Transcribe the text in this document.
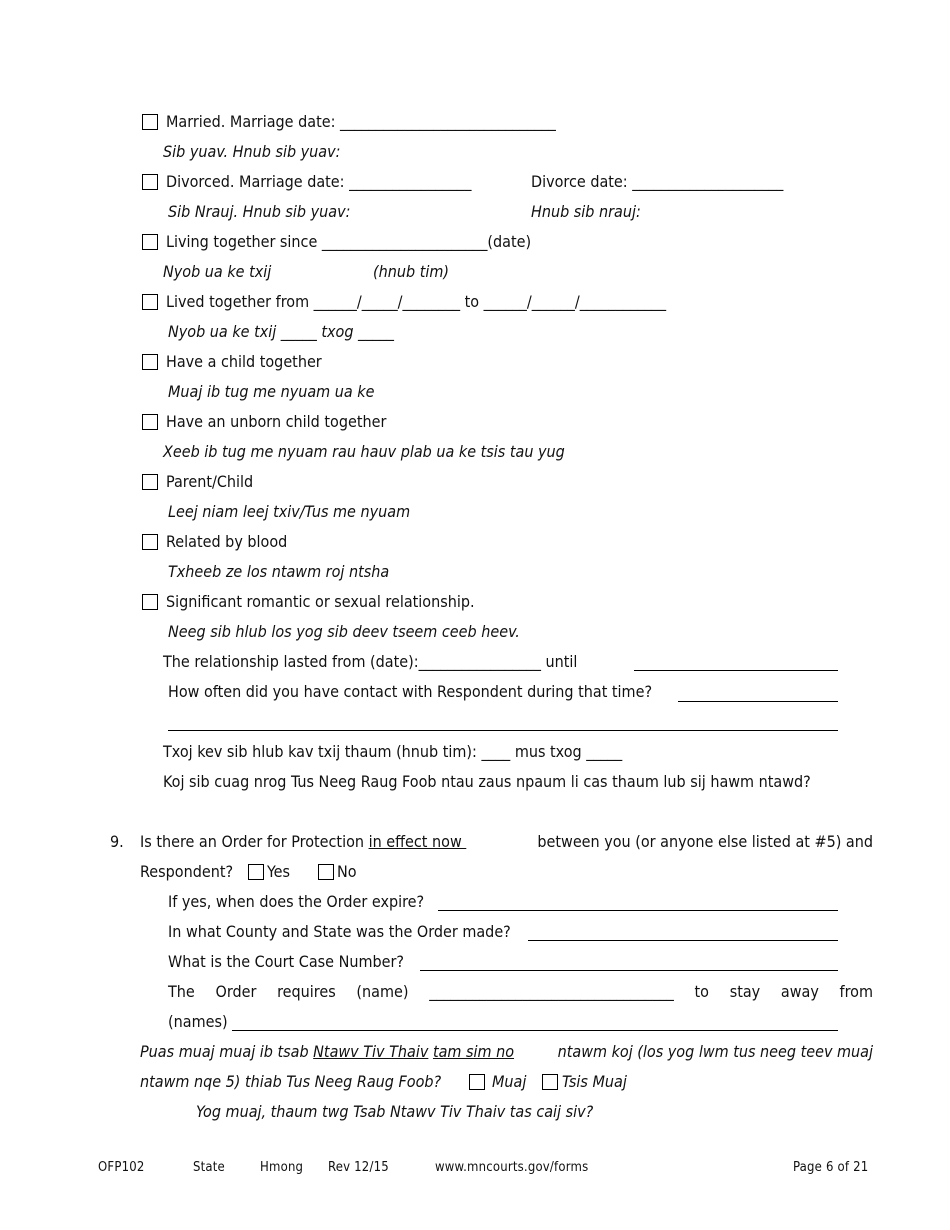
Married. Marriage date: ______________________________
Sib yuav. Hnub sib yuav:
Divorced. Marriage date: _________________	Divorce date: _____________________
Sib Nrauj. Hnub sib yuav:	Hnub sib nrauj:
Living together since _______________________(date)
Nyob ua ke txij	(hnub tim)
Lived together from ______/_____/________ to ______/______/____________
Nyob ua ke txij _____ txog _____
Have a child together
Muaj ib tug me nyuam ua ke
Have an unborn child together
Xeeb ib tug me nyuam rau hauv plab ua ke tsis tau yug
Parent/Child
Leej niam leej txiv/Tus me nyuam
Related by blood
Txheeb ze los ntawm roj ntsha
Significant romantic or sexual relationship.
Neeg sib hlub los yog sib deev tseem ceeb heev.
The relationship lasted from (date):_________________ until
How often did you have contact with Respondent during that time?
Txoj kev sib hlub kav txij thaum (hnub tim): ____ mus txog _____
Koj sib cuag nrog Tus Neeg Raug Foob ntau zaus npaum li cas thaum lub sij hawm ntawd?
9. Is there an Order for Protection in effect now	between you (or anyone else listed at #5) and
Respondent? Yes	No
If yes, when does the Order expire?
In what County and State was the Order made?
What is the Court Case Number?
The Order requires (name) __________________________________ to stay away from
(names)
Puas muaj muaj ib tsab Ntawv Tiv Thaiv tam sim no ntawm koj (los yog lwm tus neeg teev muaj
ntawm nqe 5) thiab Tus Neeg Raug Foob?	Muaj Tsis Muaj
Yog muaj, thaum twg Tsab Ntawv Tiv Thaiv tas caij siv?
OFP102	State	Hmong Rev 12/15	www.mncourts.gov/forms	Page 6 of 21
